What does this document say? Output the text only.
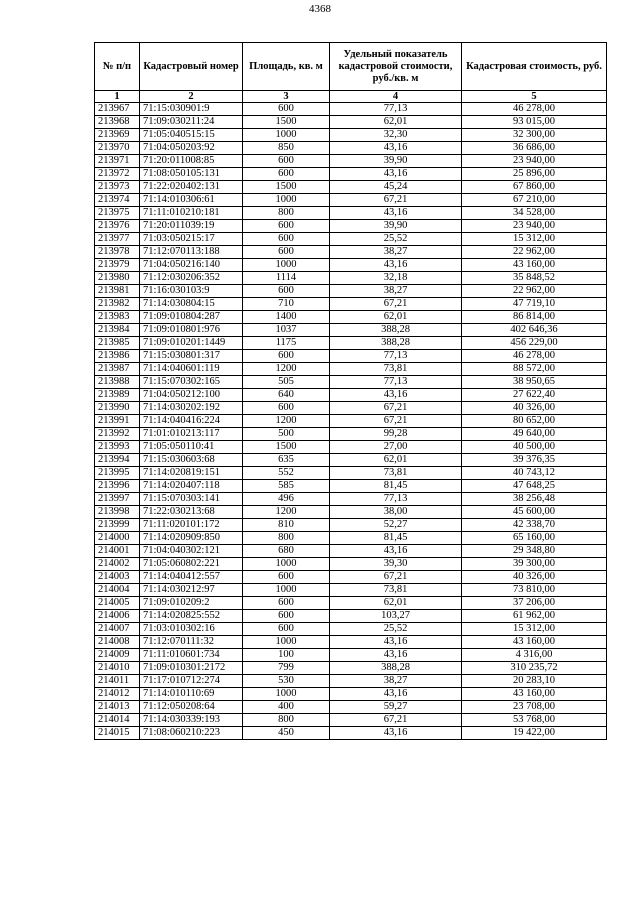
4368
№ п/п	Кадастровый номер	Площадь, кв. м	Удельный показатель кадастровой стоимости, руб./кв. м	Кадастровая стоимость, руб.
1	2	3	4	5
213967	71:15:030901:9	600	77,13	46 278,00
213968	71:09:030211:24	1500	62,01	93 015,00
213969	71:05:040515:15	1000	32,30	32 300,00
213970	71:04:050203:92	850	43,16	36 686,00
213971	71:20:011008:85	600	39,90	23 940,00
213972	71:08:050105:131	600	43,16	25 896,00
213973	71:22:020402:131	1500	45,24	67 860,00
213974	71:14:010306:61	1000	67,21	67 210,00
213975	71:11:010210:181	800	43,16	34 528,00
213976	71:20:011039:19	600	39,90	23 940,00
213977	71:03:050215:17	600	25,52	15 312,00
213978	71:12:070113:188	600	38,27	22 962,00
213979	71:04:050216:140	1000	43,16	43 160,00
213980	71:12:030206:352	1114	32,18	35 848,52
213981	71:16:030103:9	600	38,27	22 962,00
213982	71:14:030804:15	710	67,21	47 719,10
213983	71:09:010804:287	1400	62,01	86 814,00
213984	71:09:010801:976	1037	388,28	402 646,36
213985	71:09:010201:1449	1175	388,28	456 229,00
213986	71:15:030801:317	600	77,13	46 278,00
213987	71:14:040601:119	1200	73,81	88 572,00
213988	71:15:070302:165	505	77,13	38 950,65
213989	71:04:050212:100	640	43,16	27 622,40
213990	71:14:030202:192	600	67,21	40 326,00
213991	71:14:040416:224	1200	67,21	80 652,00
213992	71:01:010213:117	500	99,28	49 640,00
213993	71:05:050110:41	1500	27,00	40 500,00
213994	71:15:030603:68	635	62,01	39 376,35
213995	71:14:020819:151	552	73,81	40 743,12
213996	71:14:020407:118	585	81,45	47 648,25
213997	71:15:070303:141	496	77,13	38 256,48
213998	71:22:030213:68	1200	38,00	45 600,00
213999	71:11:020101:172	810	52,27	42 338,70
214000	71:14:020909:850	800	81,45	65 160,00
214001	71:04:040302:121	680	43,16	29 348,80
214002	71:05:060802:221	1000	39,30	39 300,00
214003	71:14:040412:557	600	67,21	40 326,00
214004	71:14:030212:97	1000	73,81	73 810,00
214005	71:09:010209:2	600	62,01	37 206,00
214006	71:14:020825:552	600	103,27	61 962,00
214007	71:03:010302:16	600	25,52	15 312,00
214008	71:12:070111:32	1000	43,16	43 160,00
214009	71:11:010601:734	100	43,16	4 316,00
214010	71:09:010301:2172	799	388,28	310 235,72
214011	71:17:010712:274	530	38,27	20 283,10
214012	71:14:010110:69	1000	43,16	43 160,00
214013	71:12:050208:64	400	59,27	23 708,00
214014	71:14:030339:193	800	67,21	53 768,00
214015	71:08:060210:223	450	43,16	19 422,00
